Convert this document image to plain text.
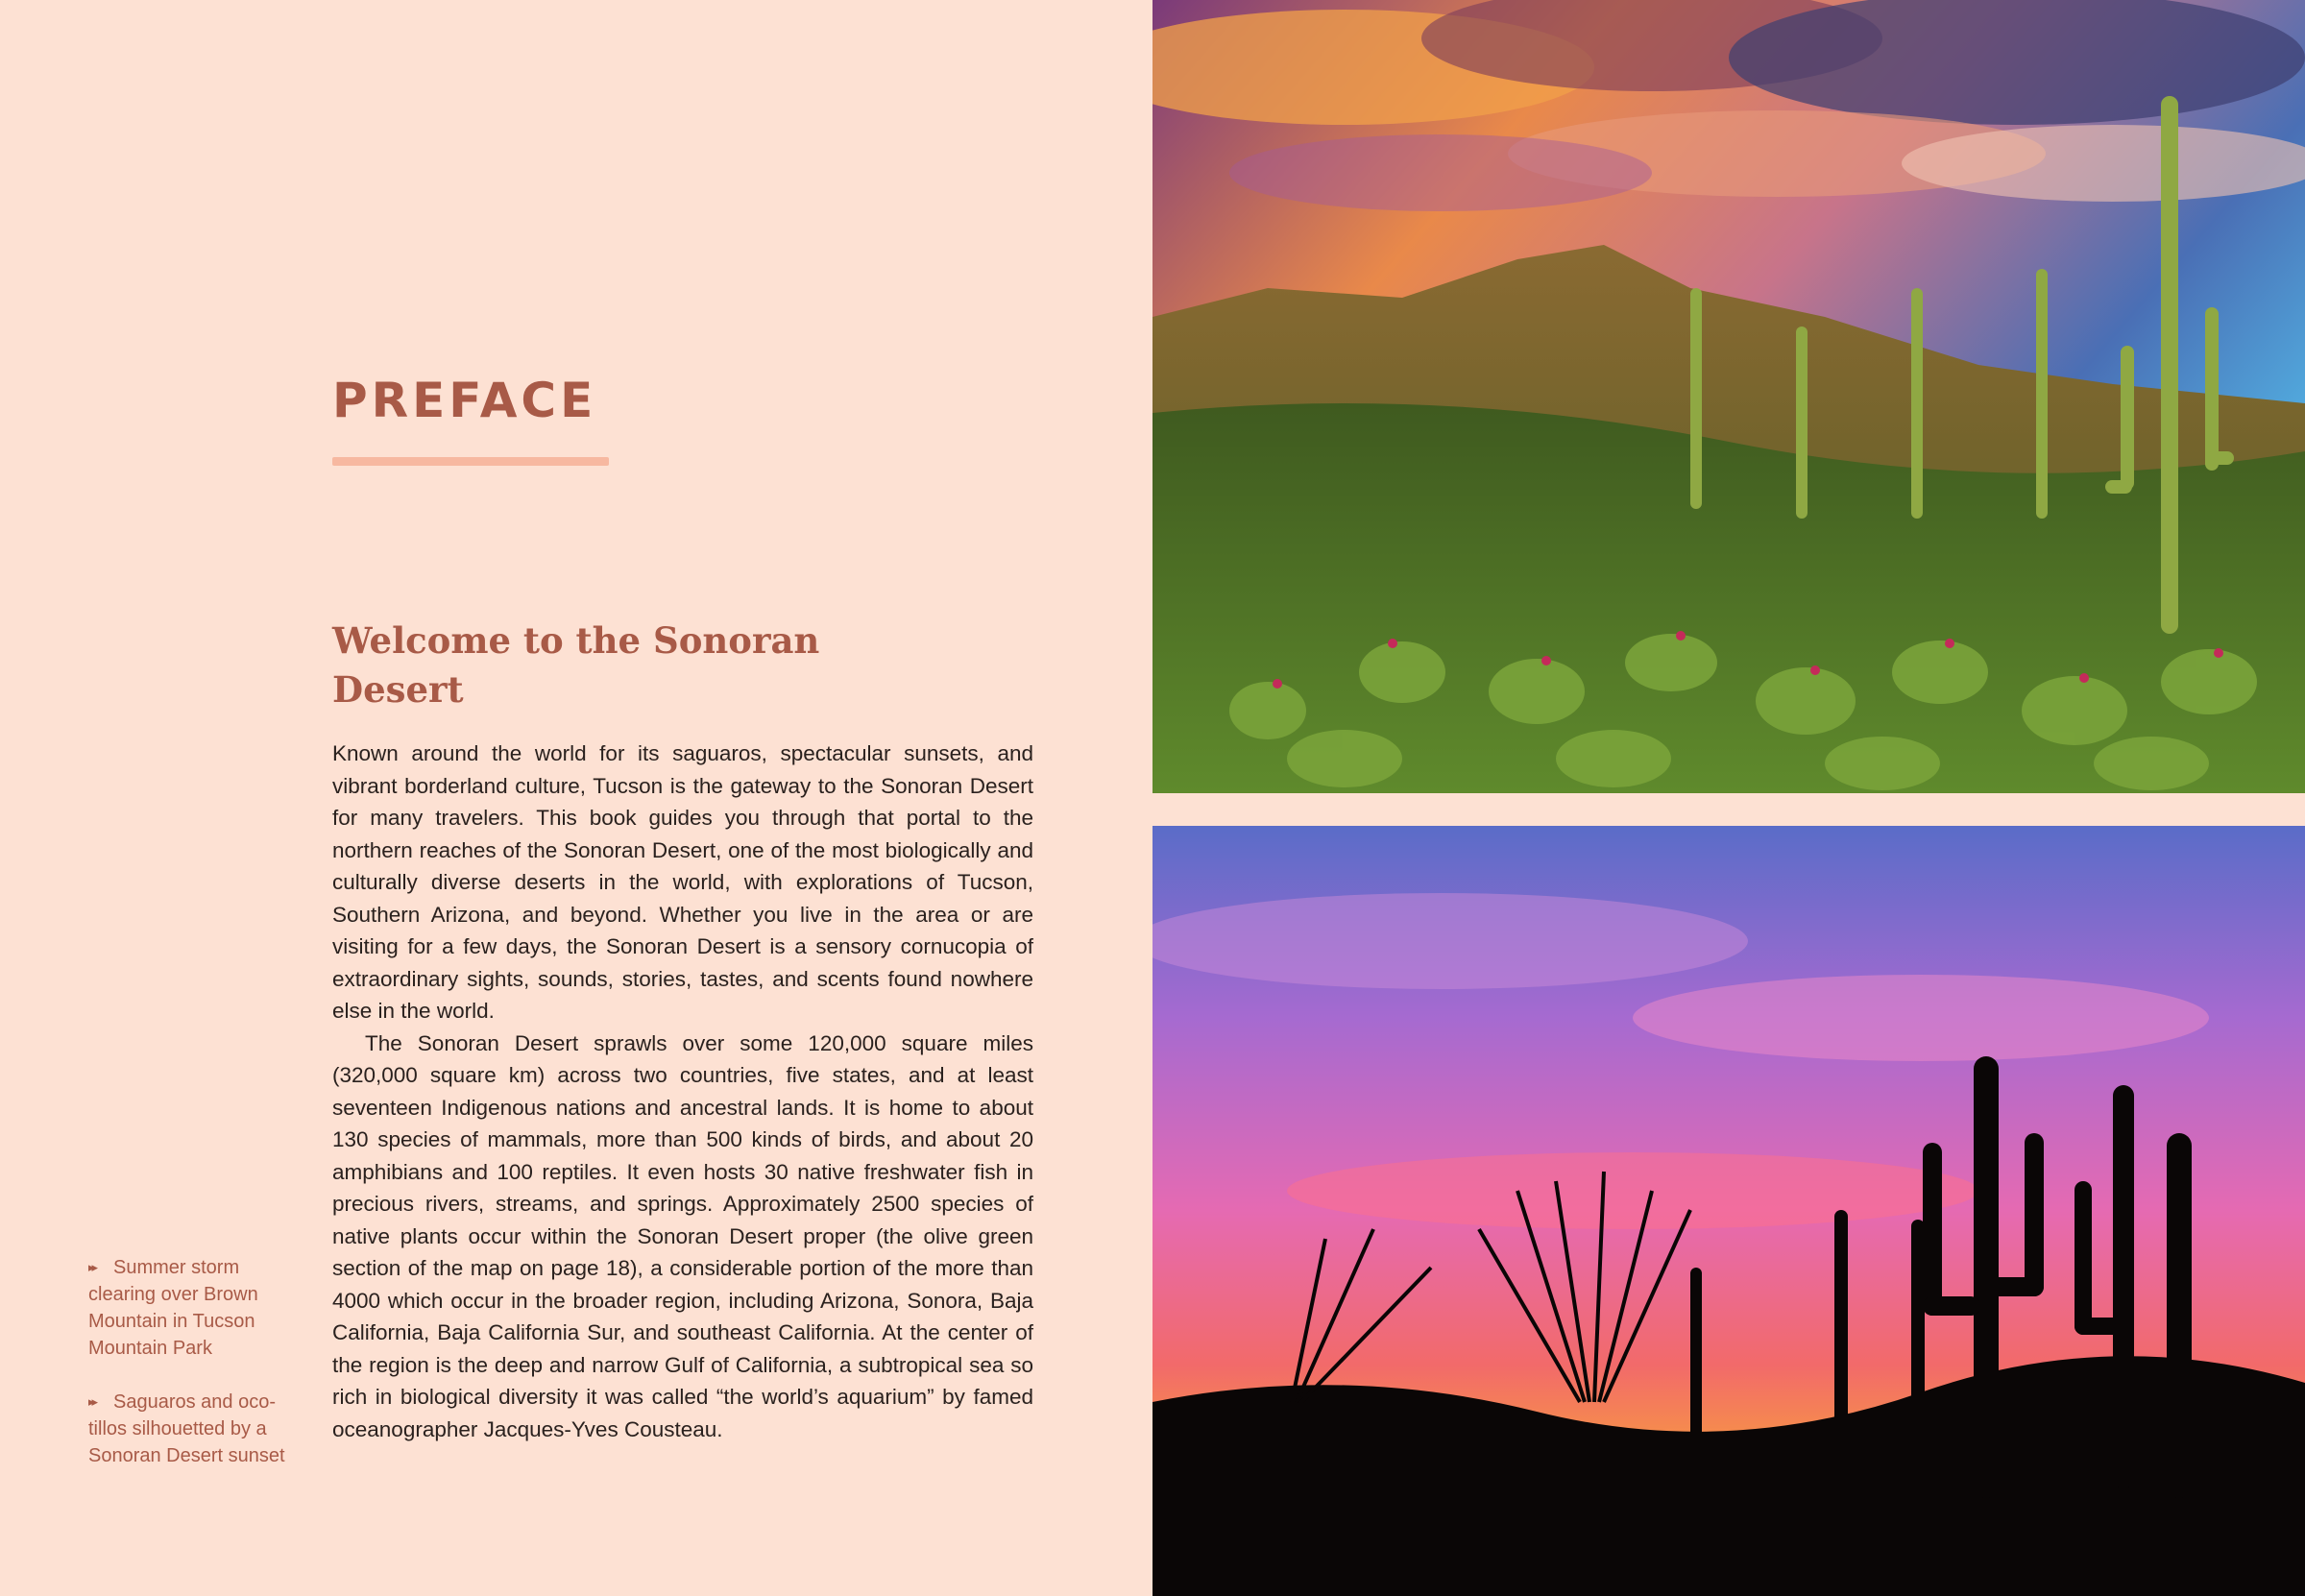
PREFACE
Welcome to the Sonoran Desert

Known around the world for its saguaros, spectacular sunsets, and vibrant borderland culture, Tucson is the gateway to the Sonoran Desert for many travelers. This book guides you through that portal to the northern reaches of the Sonoran Desert, one of the most biologically and culturally diverse deserts in the world, with explorations of Tucson, Southern Arizona, and beyond. Whether you live in the area or are visiting for a few days, the Sonoran Desert is a sensory cornucopia of extraordinary sights, sounds, stories, tastes, and scents found nowhere else in the world.

The Sonoran Desert sprawls over some 120,000 square miles (320,000 square km) across two countries, five states, and at least seventeen Indigenous nations and ancestral lands. It is home to about 130 species of mammals, more than 500 kinds of birds, and about 20 amphibians and 100 reptiles. It even hosts 30 native freshwater fish in precious rivers, streams, and springs. Approximately 2500 species of native plants occur within the Sonoran Desert proper (the olive green section of the map on page 18), a considerable portion of the more than 4000 which occur in the broader region, including Arizona, Sonora, Baja California, Baja California Sur, and southeast California. At the center of the region is the deep and narrow Gulf of California, a subtropical sea so rich in biological diversity it was called “the world’s aquarium” by famed oceanographer Jacques-Yves Cousteau.

▸▸ Summer storm clearing over Brown Mountain in Tucson Mountain Park

▸▸ Saguaros and ocotillos silhouetted by a Sonoran Desert sunset
